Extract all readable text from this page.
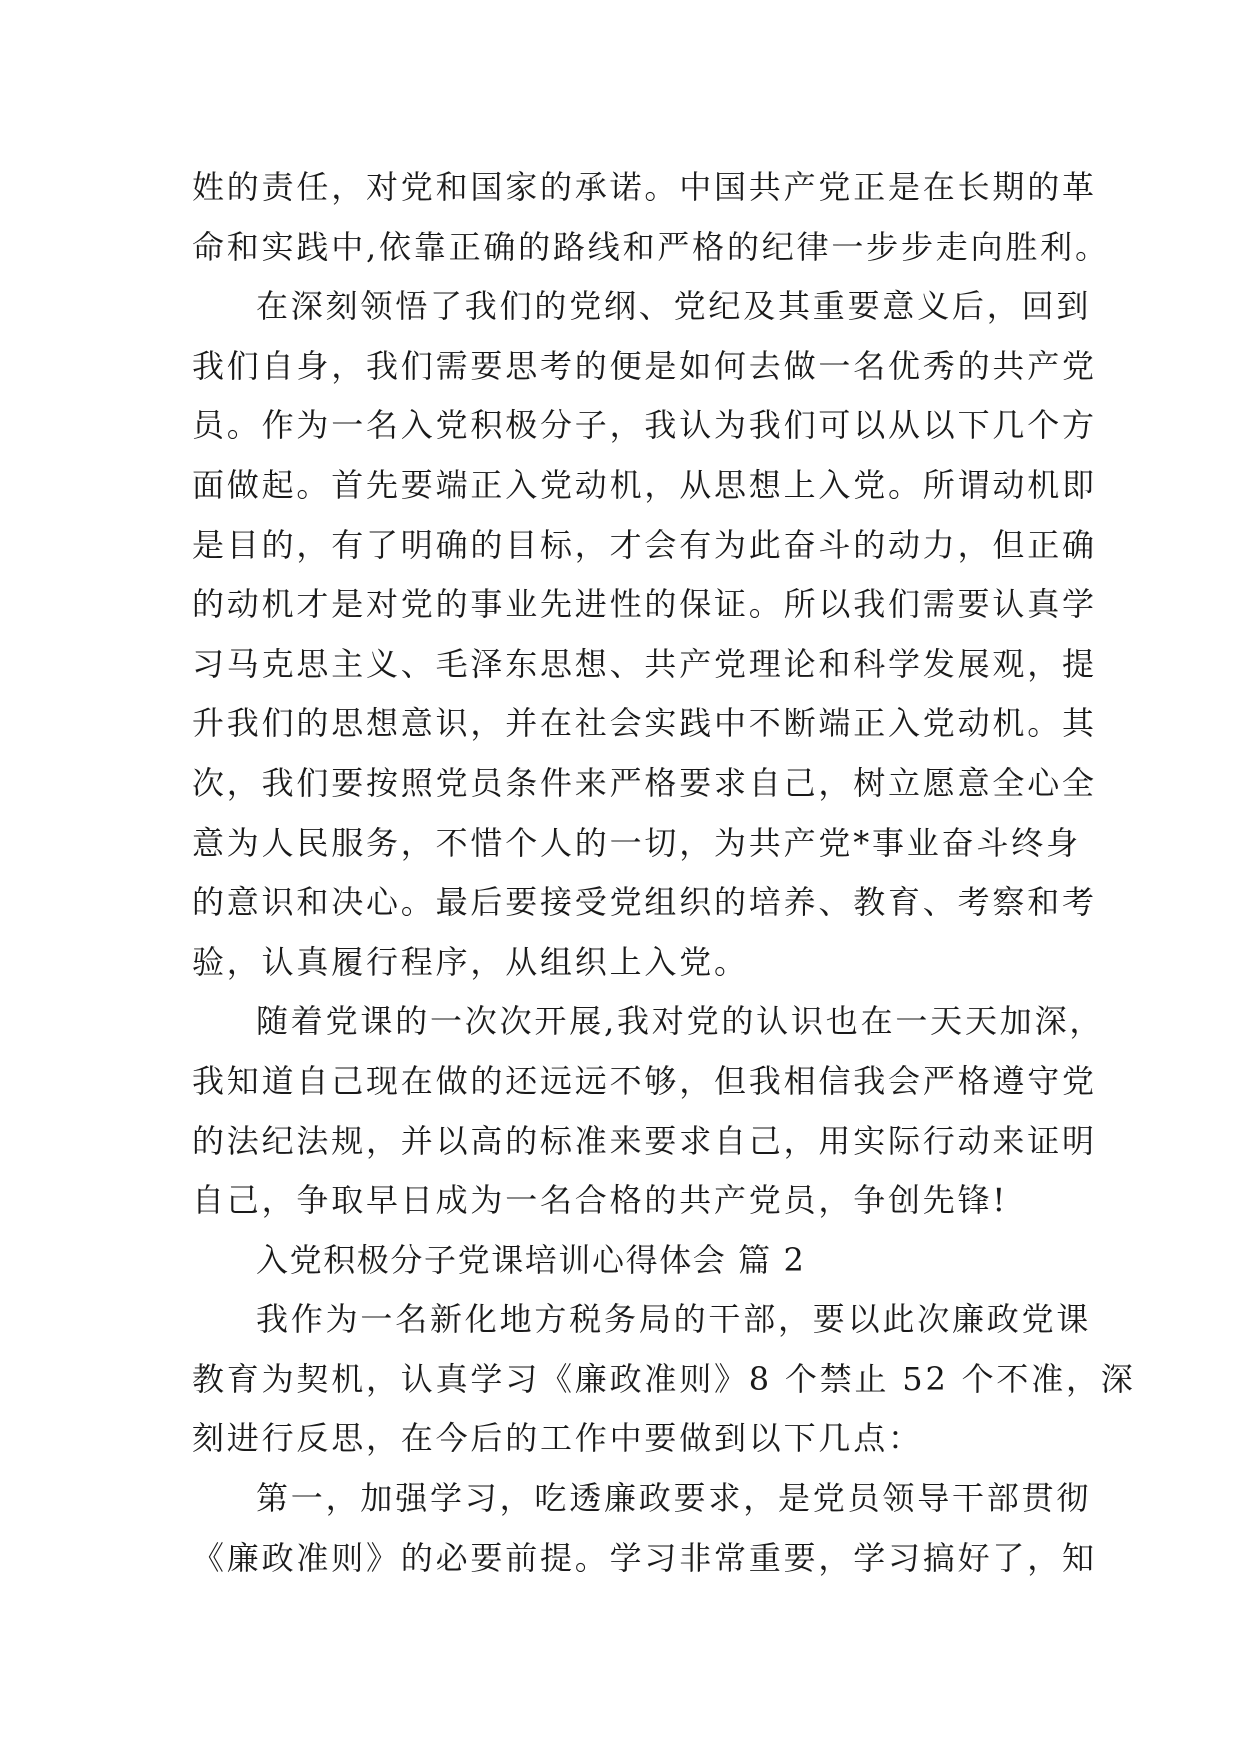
姓的责任，对党和国家的承诺。中国共产党正是在长期的革
命和实践中,依靠正确的路线和严格的纪律一步步走向胜利。
在深刻领悟了我们的党纲、党纪及其重要意义后，回到
我们自身，我们需要思考的便是如何去做一名优秀的共产党
员。作为一名入党积极分子，我认为我们可以从以下几个方
面做起。首先要端正入党动机，从思想上入党。所谓动机即
是目的，有了明确的目标，才会有为此奋斗的动力，但正确
的动机才是对党的事业先进性的保证。所以我们需要认真学
习马克思主义、毛泽东思想、共产党理论和科学发展观，提
升我们的思想意识，并在社会实践中不断端正入党动机。其
次，我们要按照党员条件来严格要求自己，树立愿意全心全
意为人民服务，不惜个人的一切，为共产党*事业奋斗终身
的意识和决心。最后要接受党组织的培养、教育、考察和考
验，认真履行程序，从组织上入党。
随着党课的一次次开展,我对党的认识也在一天天加深，
我知道自己现在做的还远远不够，但我相信我会严格遵守党
的法纪法规，并以高的标准来要求自己，用实际行动来证明
自己，争取早日成为一名合格的共产党员，争创先锋!
入党积极分子党课培训心得体会 篇 2
我作为一名新化地方税务局的干部，要以此次廉政党课
教育为契机，认真学习《廉政准则》8 个禁止 52 个不准，深
刻进行反思，在今后的工作中要做到以下几点：
第一，加强学习，吃透廉政要求，是党员领导干部贯彻
《廉政准则》的必要前提。学习非常重要，学习搞好了，知
